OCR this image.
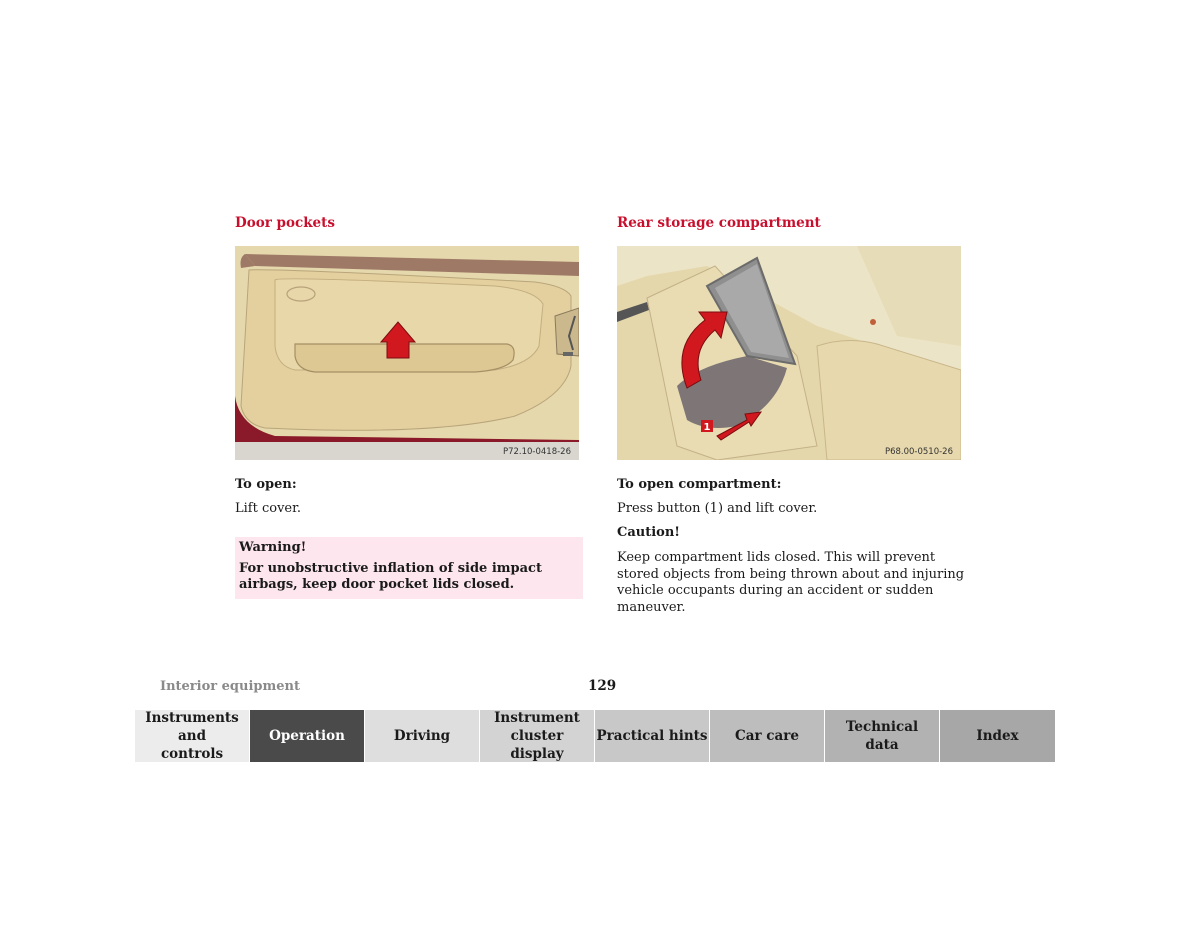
Door pockets
P72.10-0418-26
To open:
Lift cover.
Warning!
For unobstructive inflation of side impact airbags, keep door pocket lids closed.
Rear storage compartment
1
P68.00-0510-26
To open compartment:
Press button (1) and lift cover.
Caution!
Keep compartment lids closed. This will prevent stored objects from being thrown about and injuring vehicle occupants during an accident or sudden maneuver.
Interior equipment	129
Instruments and controls
Operation	Driving
Instrument cluster display
Practical hints	Car care
Technical data
Index
